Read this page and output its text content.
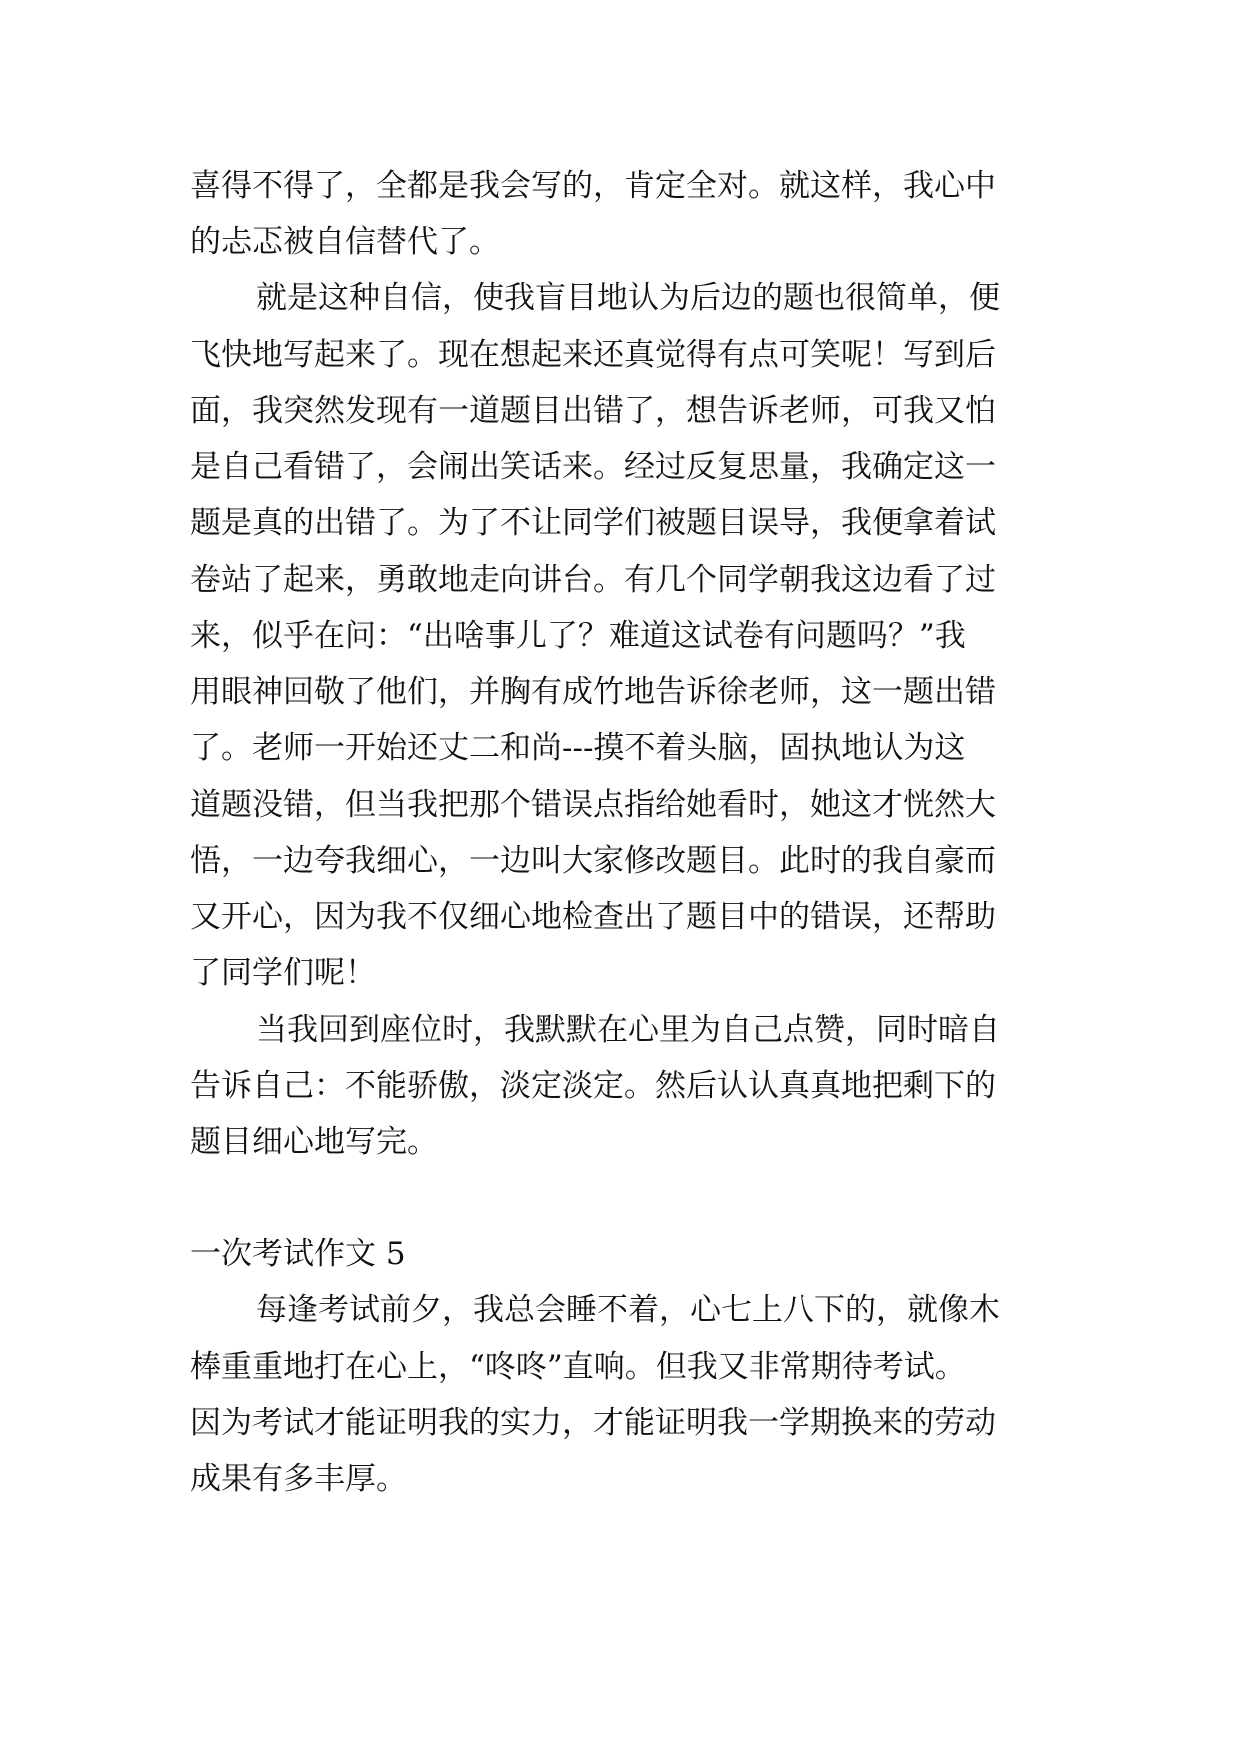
喜得不得了，全都是我会写的，肯定全对。就这样，我心中
的忐忑被自信替代了。
就是这种自信，使我盲目地认为后边的题也很简单，便
飞快地写起来了。现在想起来还真觉得有点可笑呢！写到后
面，我突然发现有一道题目出错了，想告诉老师，可我又怕
是自己看错了，会闹出笑话来。经过反复思量，我确定这一
题是真的出错了。为了不让同学们被题目误导，我便拿着试
卷站了起来，勇敢地走向讲台。有几个同学朝我这边看了过
来，似乎在问：“出啥事儿了？难道这试卷有问题吗？”我
用眼神回敬了他们，并胸有成竹地告诉徐老师，这一题出错
了。老师一开始还丈二和尚---摸不着头脑，固执地认为这
道题没错，但当我把那个错误点指给她看时，她这才恍然大
悟，一边夸我细心，一边叫大家修改题目。此时的我自豪而
又开心，因为我不仅细心地检查出了题目中的错误，还帮助
了同学们呢！
当我回到座位时，我默默在心里为自己点赞，同时暗自
告诉自己：不能骄傲，淡定淡定。然后认认真真地把剩下的
题目细心地写完。
一次考试作文 5
每逢考试前夕，我总会睡不着，心七上八下的，就像木
棒重重地打在心上，“咚咚”直响。但我又非常期待考试。
因为考试才能证明我的实力，才能证明我一学期换来的劳动
成果有多丰厚。
